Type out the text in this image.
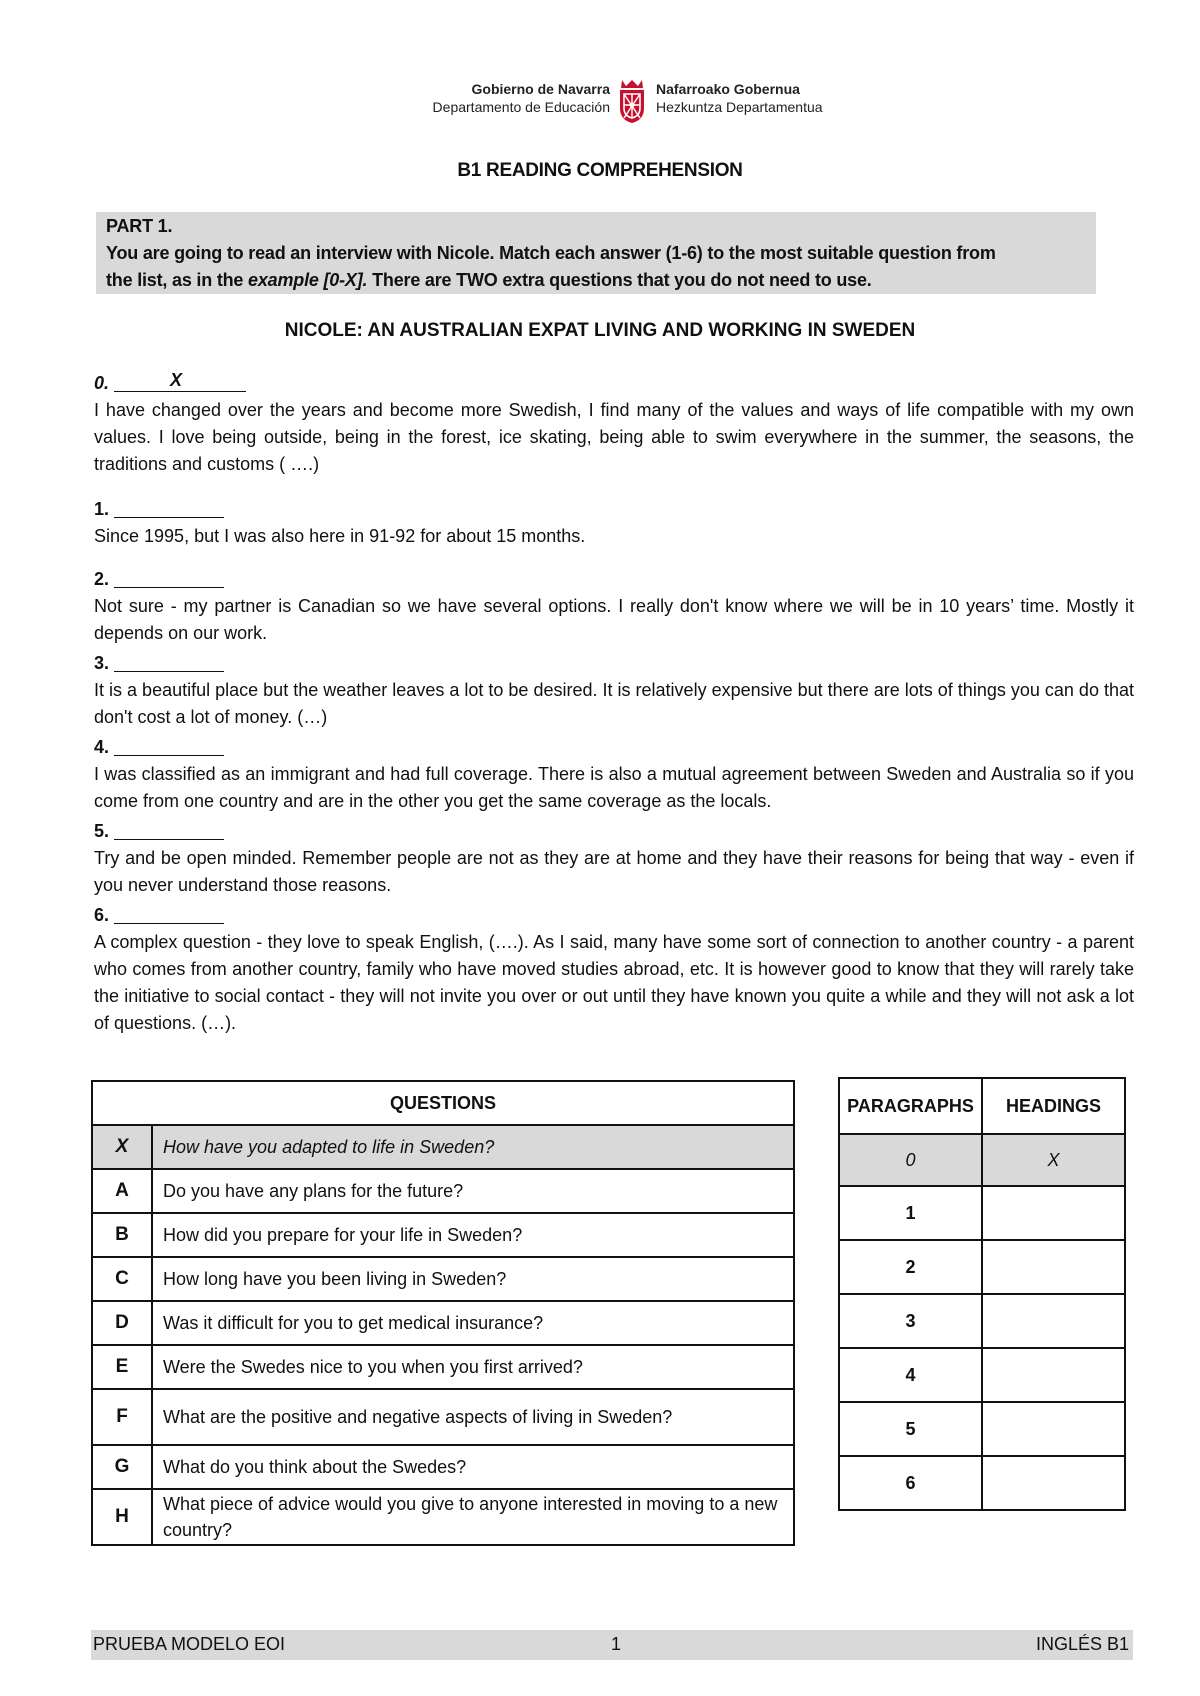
Gobierno de Navarra
Departamento de Educación
Nafarroako Gobernua
Hezkuntza Departamentua
B1 READING COMPREHENSION
PART 1.
You are going to read an interview with Nicole. Match each answer (1-6) to the most suitable question from
the list, as in the example [0-X]. There are TWO extra questions that you do not need to use.
NICOLE: AN AUSTRALIAN EXPAT LIVING AND WORKING IN SWEDEN
0.	X
I have changed over the years and become more Swedish, I find many of the values and ways of life compatible with my own values. I love being outside, being in the forest, ice skating, being able to swim everywhere in the summer, the seasons, the traditions and customs ( ….)
1.
Since 1995, but I was also here in 91-92 for about 15 months.
2.
Not sure - my partner is Canadian so we have several options. I really don't know where we will be in 10 years’ time. Mostly it depends on our work.
3.
It is a beautiful place but the weather leaves a lot to be desired. It is relatively expensive but there are lots of things you can do that don't cost a lot of money. (…)
4.
I was classified as an immigrant and had full coverage. There is also a mutual agreement between Sweden and Australia so if you come from one country and are in the other you get the same coverage as the locals.
5.
Try and be open minded. Remember people are not as they are at home and they have their reasons for being that way - even if you never understand those reasons.
6.
A complex question - they love to speak English, (….). As I said, many have some sort of connection to another country - a parent who comes from another country, family who have moved studies abroad, etc. It is however good to know that they will rarely take the initiative to social contact - they will not invite you over or out until they have known you quite a while and they will not ask a lot of questions. (…).
QUESTIONS	
X	How have you adapted to life in Sweden?
A	Do you have any plans for the future?
B	How did you prepare for your life in Sweden?
C	How long have you been living in Sweden?
D	Was it difficult for you to get medical insurance?
E	Were the Swedes nice to you when you first arrived?
F	What are the positive and negative aspects of living in Sweden?
G	What do you think about the Swedes?
H	What piece of advice would you give to anyone interested in moving to a new country?
PARAGRAPHS	HEADINGS
0	X
1	
2	
3	
4	
5	
6	
PRUEBA MODELO EOI	1	INGLÉS B1
